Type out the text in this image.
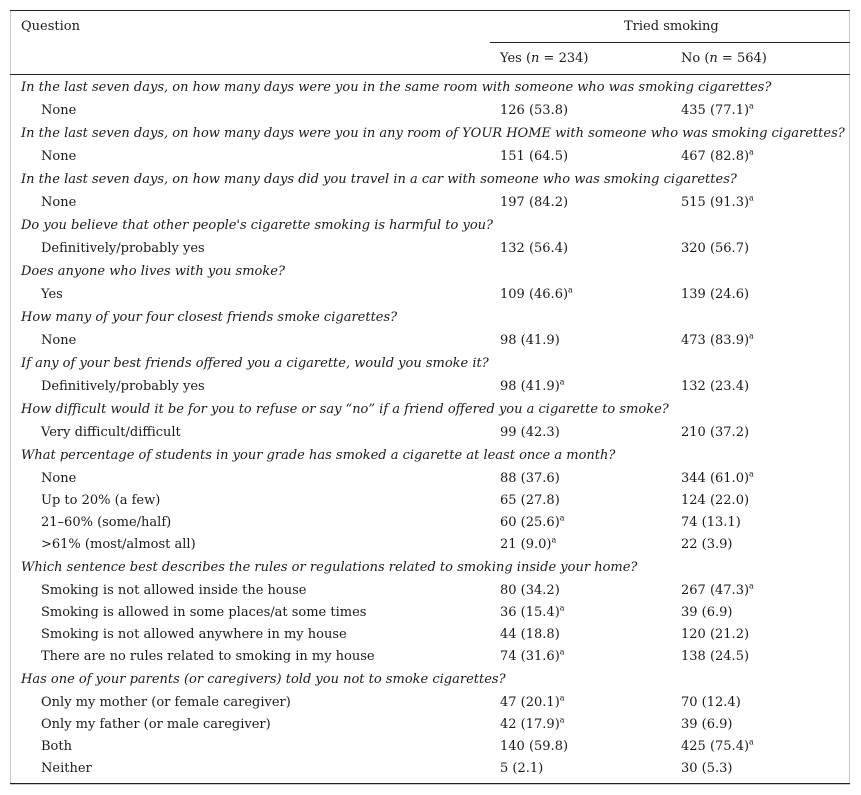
Question	Tried smoking
Yes (n = 234)	No (n = 564)
In the last seven days, on how many days were you in the same room with someone who was smoking cigarettes?
None	126 (53.8)	435 $(77.1)^a$
In the last seven days, on how many days were you in any room of YOUR HOME with someone who was smoking cigarettes?
None	151 (64.5)	467 $(82.8)^a$
In the last seven days, on how many days did you travel in a car with someone who was smoking cigarettes?
None	197 (84.2)	515 $(91.3)^a$
Do you believe that other people's cigarette smoking is harmful to you?
Definitively/probably yes	132 (56.4)	320 (56.7)
Does anyone who lives with you smoke?
Yes	109 $(46.6)^a$	139 (24.6)
How many of your four closest friends smoke cigarettes?
None	98 (41.9)	473 $(83.9)^a$
If any of your best friends offered you a cigarette, would you smoke it?
Definitively/probably yes	98 $(41.9)^a$	132 (23.4)
How difficult would it be for you to refuse or say “no” if a friend offered you a cigarette to smoke?
Very difficult/difficult	99 (42.3)	210 (37.2)
What percentage of students in your grade has smoked a cigarette at least once a month?
None	88 (37.6)	344 $(61.0)^a$
Up to 20% (a few)	65 (27.8)	124 (22.0)
21–60% (some/half)	60 $(25.6)^a$	74 (13.1)
>61% (most/almost all)	21 $(9.0)^a$	22 (3.9)
Which sentence best describes the rules or regulations related to smoking inside your home?
Smoking is not allowed inside the house	80 (34.2)	267 $(47.3)^a$
Smoking is allowed in some places/at some times	36 $(15.4)^a$	39 (6.9)
Smoking is not allowed anywhere in my house	44 (18.8)	120 (21.2)
There are no rules related to smoking in my house	74 $(31.6)^a$	138 (24.5)
Has one of your parents (or caregivers) told you not to smoke cigarettes?
Only my mother (or female caregiver)	47 $(20.1)^a$	70 (12.4)
Only my father (or male caregiver)	42 $(17.9)^a$	39 (6.9)
Both	140 (59.8)	425 $(75.4)^a$
Neither	5 (2.1)	30 (5.3)
